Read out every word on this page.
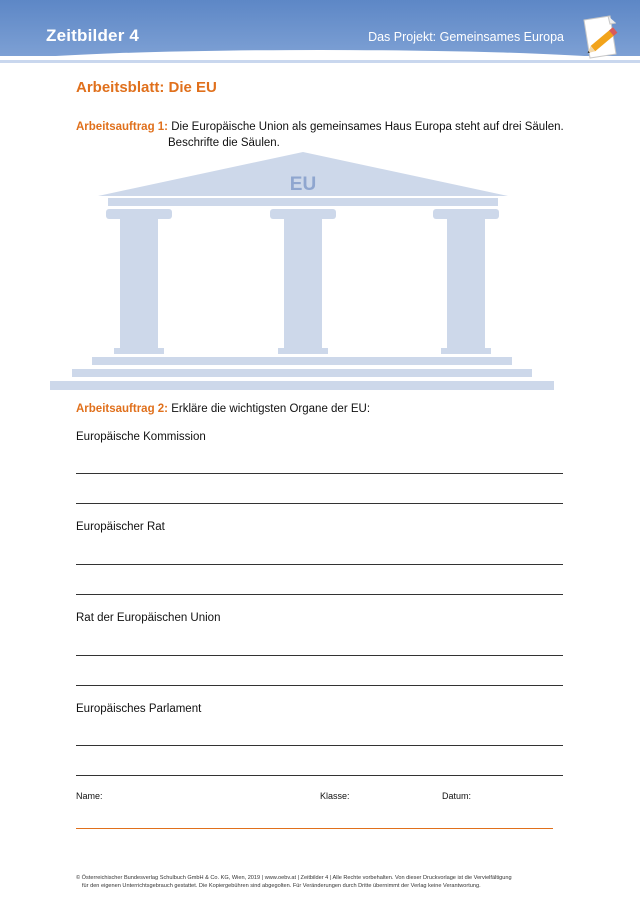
Zeitbilder 4	Das Projekt: Gemeinsames Europa
Arbeitsblatt: Die EU
Arbeitsauftrag 1: Die Europäische Union als gemeinsames Haus Europa steht auf drei Säulen.
Beschrifte die Säulen.
EU
Arbeitsauftrag 2: Erkläre die wichtigsten Organe der EU:
Europäische Kommission
Europäischer Rat
Rat der Europäischen Union
Europäisches Parlament
Name:	Klasse:	Datum:
© Österreichischer Bundesverlag Schulbuch GmbH & Co. KG, Wien, 2019 | www.oebv.at | Zeitbilder 4 | Alle Rechte vorbehalten. Von dieser Druckvorlage ist die Vervielfältigung
für den eigenen Unterrichtsgebrauch gestattet. Die Kopiergebühren sind abgegolten. Für Veränderungen durch Dritte übernimmt der Verlag keine Verantwortung.
